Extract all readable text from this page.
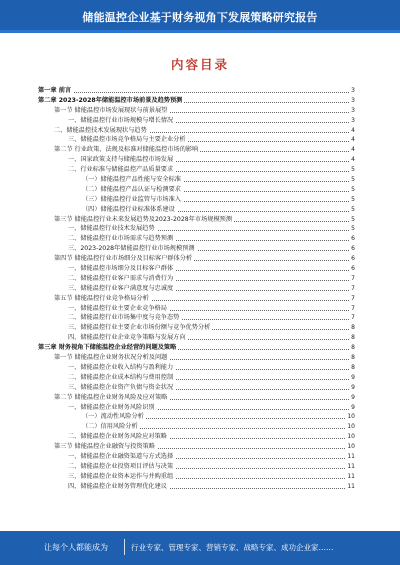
储能温控企业基于财务视角下发展策略研究报告
内容目录
第一章 前言	3
第二章 2023-2028年储能温控市场前景及趋势预测	3
第一节 储能温控市场发展现状与前景展望	3
一、储能温控行业市场规模与增长情况	3
二、储能温控技术发展现状与趋势	4
三、储能温控市场竞争格局与主要企业分析	4
第二节 行业政策、法规及标准对储能温控市场的影响	4
一、国家政策支持与储能温控市场发展	4
二、行业标准与储能温控产品质量要求	5
（一）储能温控产品性能与安全标准	5
（二）储能温控产品认证与检测要求	5
（三）储能温控行业监管与市场准入	5
（四）储能温控行业标准体系建设	5
第三节 储能温控行业未来发展趋势及2023-2028年市场规模预测	5
一、储能温控行业技术发展趋势	5
二、储能温控行业市场需求与趋势预测	6
三、2023-2028年储能温控行业市场规模预测	6
第四节 储能温控行业市场细分及目标客户群体分析	6
一、储能温控市场细分及目标客户群体	6
二、储能温控行业客户需求与消费行为	7
三、储能温控行业客户满意度与忠诚度	7
第五节 储能温控行业竞争格局分析	7
一、储能温控行业主要企业竞争格局	7
二、储能温控行业市场集中度与竞争态势	7
三、储能温控行业主要企业市场份额与竞争优势分析	8
四、储能温控行业企业竞争策略与发展方向	8
第三章 财务视角下储能温控企业经营的问题及策略	8
第一节 储能温控企业财务状况分析及问题	8
一、储能温控企业收入结构与盈利能力	8
二、储能温控企业成本结构与费用控制	9
三、储能温控企业资产负债与资金状况	9
第二节 储能温控企业财务风险及应对策略	9
一、储能温控企业财务风险识别	9
（一）流动性风险分析	10
（二）信用风险分析	10
二、储能温控企业财务风险应对策略	10
第三节 储能温控企业融资与投资策略	10
一、储能温控企业融资渠道与方式选择	11
二、储能温控企业投资项目评估与决策	11
三、储能温控企业资本运作与并购重组	11
四、储能温控企业财务管理优化建议	11
让每个人都能成为	行业专家、管理专家、营销专家、战略专家、成功企业家……
